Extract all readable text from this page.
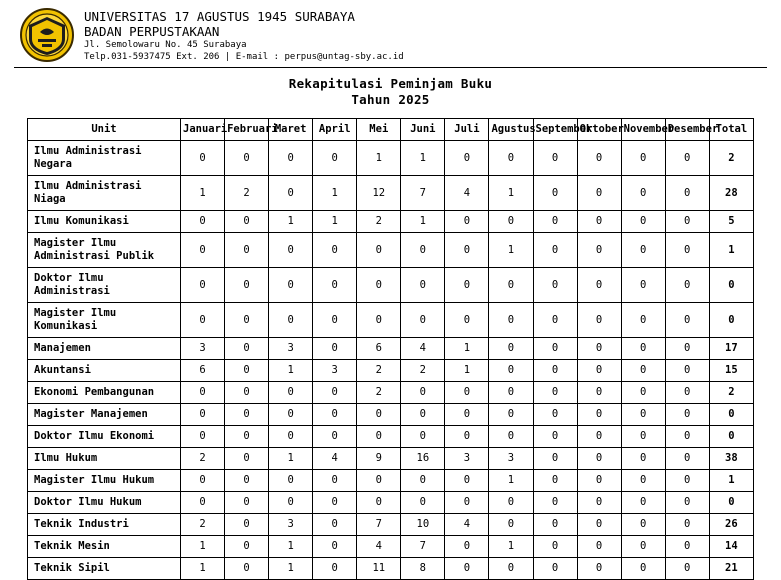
UNIVERSITAS 17 AGUSTUS 1945 SURABAYA
BADAN PERPUSTAKAAN
Jl. Semolowaru No. 45 Surabaya
Telp.031-5937475 Ext. 206 | E-mail : perpus@untag-sby.ac.id
Rekapitulasi Peminjam Buku
Tahun 2025
Unit	Januari	Februari	Maret	April	Mei	Juni	Juli	Agustus	September	Oktober	November	Desember	Total
Ilmu Administrasi Negara	0	0	0	0	1	1	0	0	0	0	0	0	2
Ilmu Administrasi Niaga	1	2	0	1	12	7	4	1	0	0	0	0	28
Ilmu Komunikasi	0	0	1	1	2	1	0	0	0	0	0	0	5
Magister Ilmu Administrasi Publik	0	0	0	0	0	0	0	1	0	0	0	0	1
Doktor Ilmu Administrasi	0	0	0	0	0	0	0	0	0	0	0	0	0
Magister Ilmu Komunikasi	0	0	0	0	0	0	0	0	0	0	0	0	0
Manajemen	3	0	3	0	6	4	1	0	0	0	0	0	17
Akuntansi	6	0	1	3	2	2	1	0	0	0	0	0	15
Ekonomi Pembangunan	0	0	0	0	2	0	0	0	0	0	0	0	2
Magister Manajemen	0	0	0	0	0	0	0	0	0	0	0	0	0
Doktor Ilmu Ekonomi	0	0	0	0	0	0	0	0	0	0	0	0	0
Ilmu Hukum	2	0	1	4	9	16	3	3	0	0	0	0	38
Magister Ilmu Hukum	0	0	0	0	0	0	0	1	0	0	0	0	1
Doktor Ilmu Hukum	0	0	0	0	0	0	0	0	0	0	0	0	0
Teknik Industri	2	0	3	0	7	10	4	0	0	0	0	0	26
Teknik Mesin	1	0	1	0	4	7	0	1	0	0	0	0	14
Teknik Sipil	1	0	1	0	11	8	0	0	0	0	0	0	21
